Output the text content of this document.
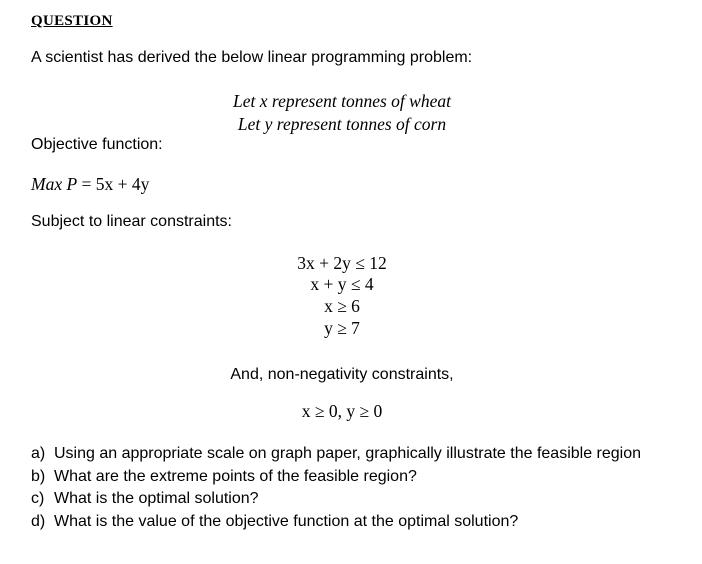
QUESTION
A scientist has derived the below linear programming problem:
Let x represent tonnes of wheat
Let y represent tonnes of corn
Objective function:
Max P = 5x + 4y
Subject to linear constraints:
3x + 2y ≤ 12
x + y ≤ 4
x ≥ 6
y ≥ 7
And, non-negativity constraints,
x ≥ 0, y ≥ 0
a) Using an appropriate scale on graph paper, graphically illustrate the feasible region
b) What are the extreme points of the feasible region?
c) What is the optimal solution?
d) What is the value of the objective function at the optimal solution?
